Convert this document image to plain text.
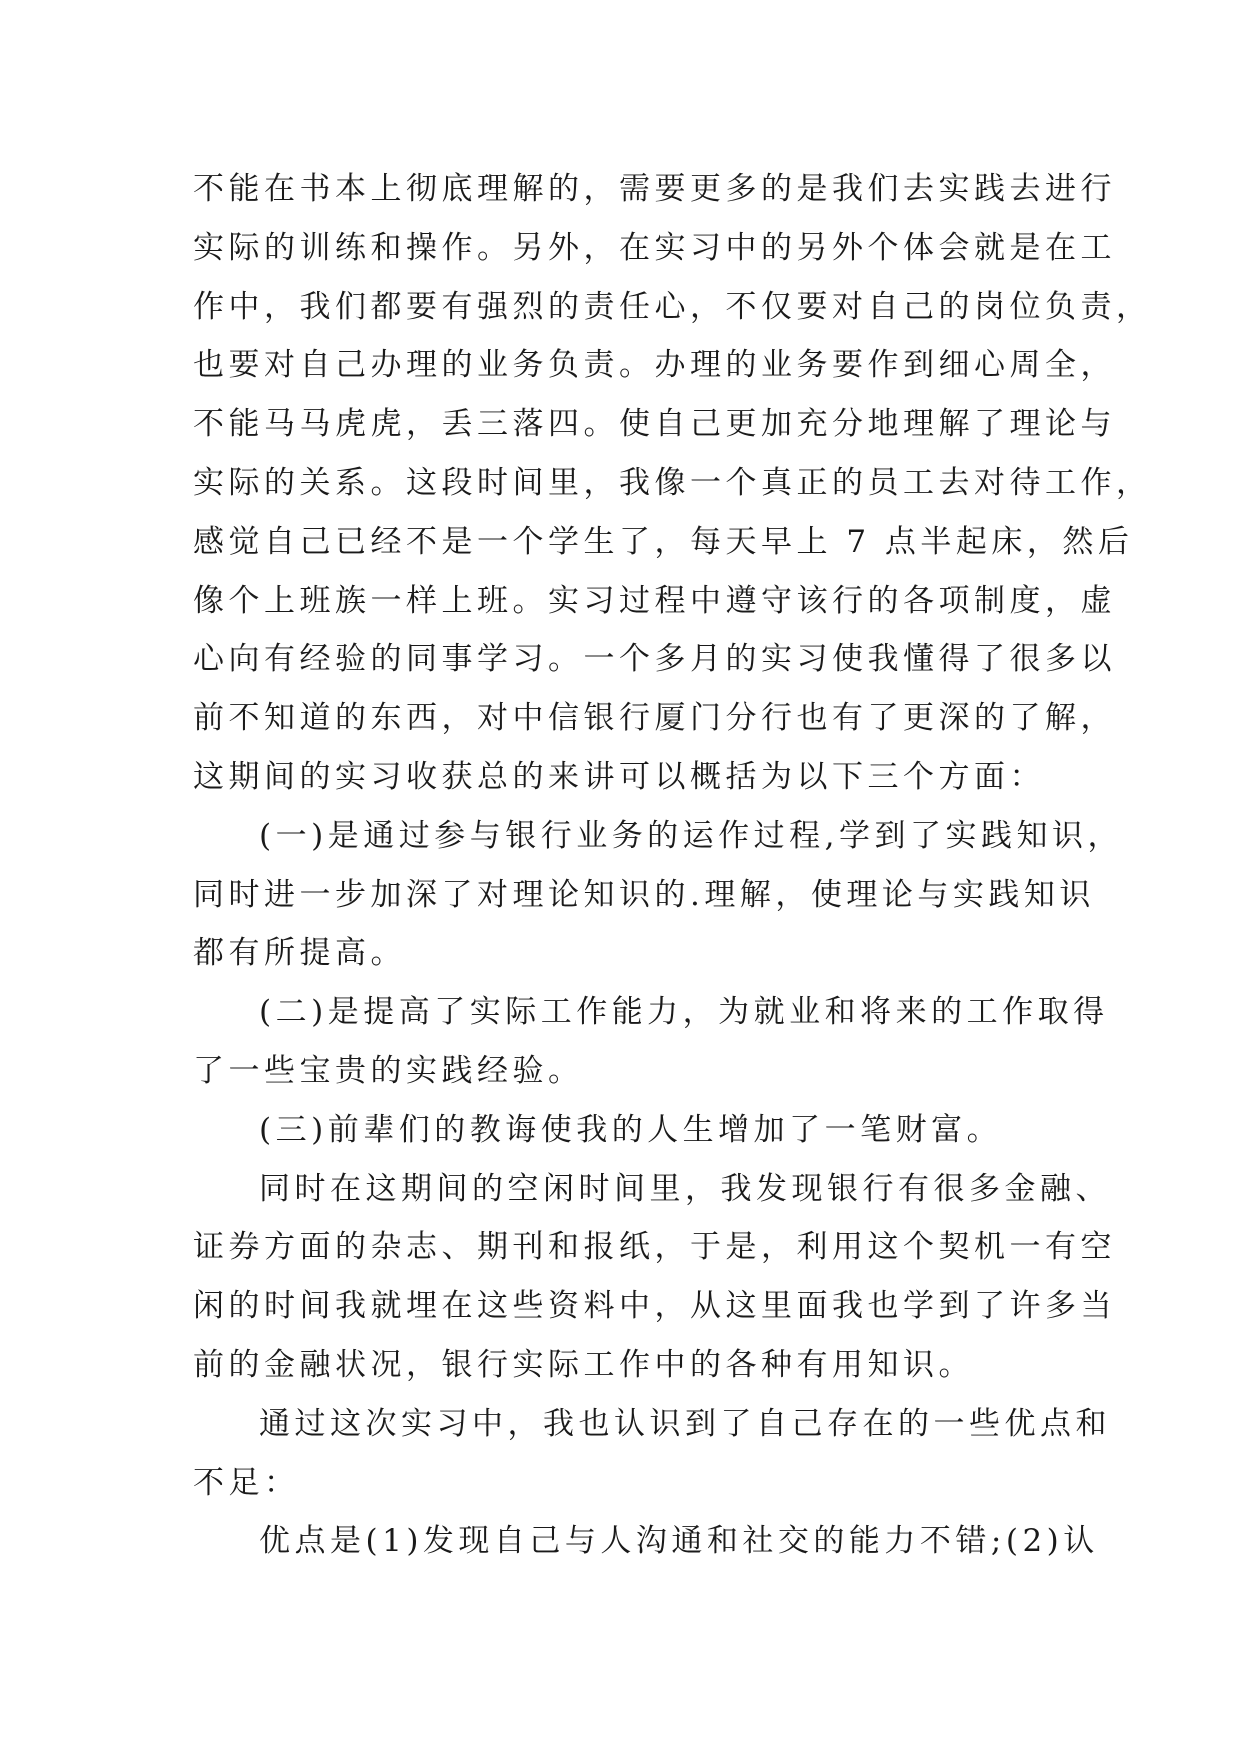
不能在书本上彻底理解的，需要更多的是我们去实践去进行
实际的训练和操作。另外，在实习中的另外个体会就是在工
作中，我们都要有强烈的责任心，不仅要对自己的岗位负责，
也要对自己办理的业务负责。办理的业务要作到细心周全，
不能马马虎虎，丢三落四。使自己更加充分地理解了理论与
实际的关系。这段时间里，我像一个真正的员工去对待工作，
感觉自己已经不是一个学生了，每天早上 7 点半起床，然后
像个上班族一样上班。实习过程中遵守该行的各项制度，虚
心向有经验的同事学习。一个多月的实习使我懂得了很多以
前不知道的东西，对中信银行厦门分行也有了更深的了解，
这期间的实习收获总的来讲可以概括为以下三个方面：
(一)是通过参与银行业务的运作过程,学到了实践知识，
同时进一步加深了对理论知识的.理解，使理论与实践知识
都有所提高。
(二)是提高了实际工作能力，为就业和将来的工作取得
了一些宝贵的实践经验。
(三)前辈们的教诲使我的人生增加了一笔财富。
同时在这期间的空闲时间里，我发现银行有很多金融、
证券方面的杂志、期刊和报纸，于是，利用这个契机一有空
闲的时间我就埋在这些资料中，从这里面我也学到了许多当
前的金融状况，银行实际工作中的各种有用知识。
通过这次实习中，我也认识到了自己存在的一些优点和
不足：
优点是(1)发现自己与人沟通和社交的能力不错;(2)认
